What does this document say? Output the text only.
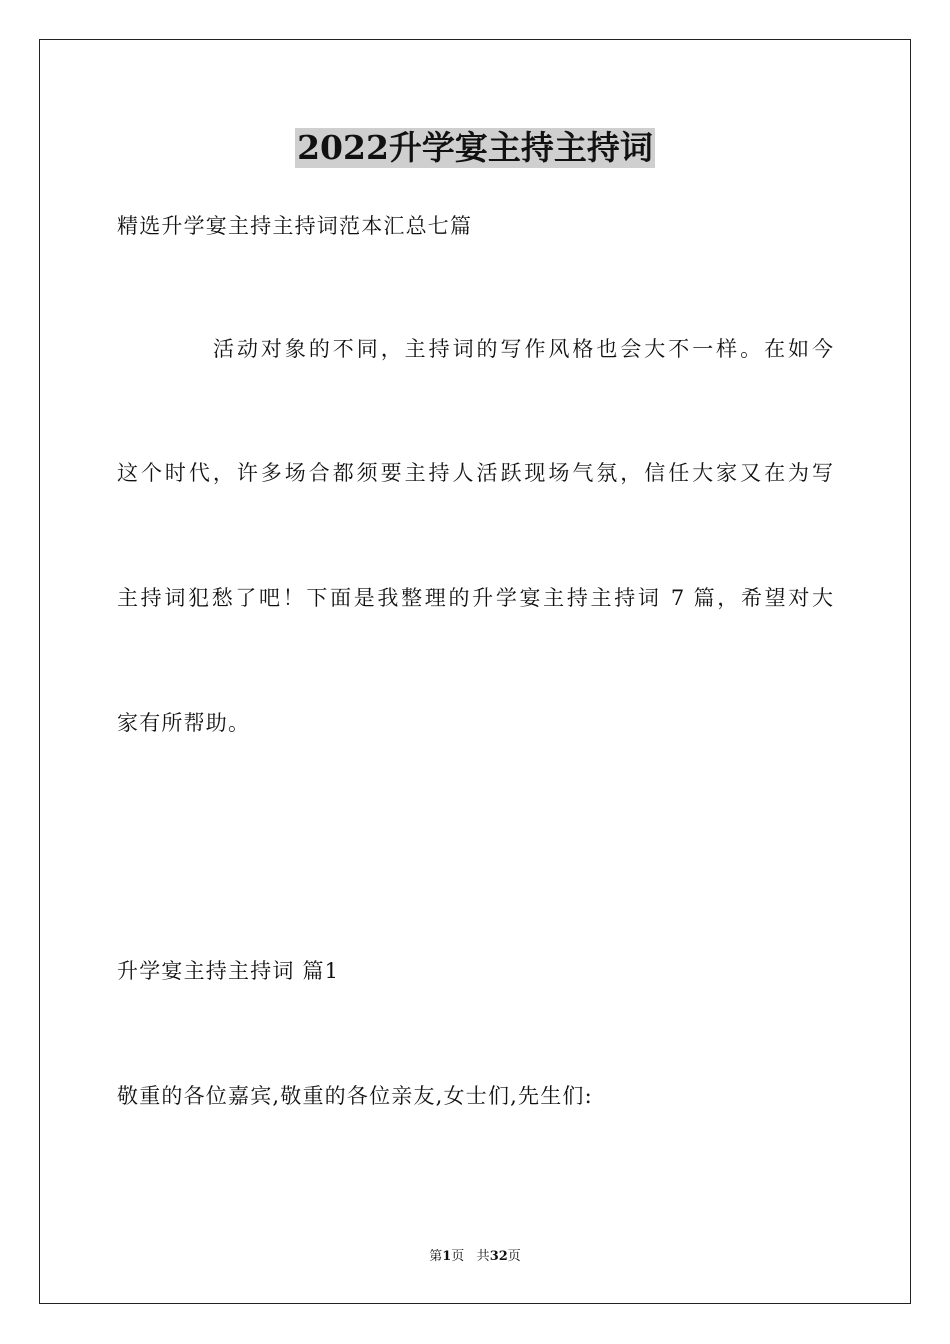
2022升学宴主持主持词
精选升学宴主持主持词范本汇总七篇
活动对象的不同，主持词的写作风格也会大不一样。在如今
这个时代，许多场合都须要主持人活跃现场气氛，信任大家又在为写
主持词犯愁了吧！下面是我整理的升学宴主持主持词 7 篇，希望对大
家有所帮助。
升学宴主持主持词 篇1
敬重的各位嘉宾,敬重的各位亲友,女士们,先生们:
第1页 共32页
